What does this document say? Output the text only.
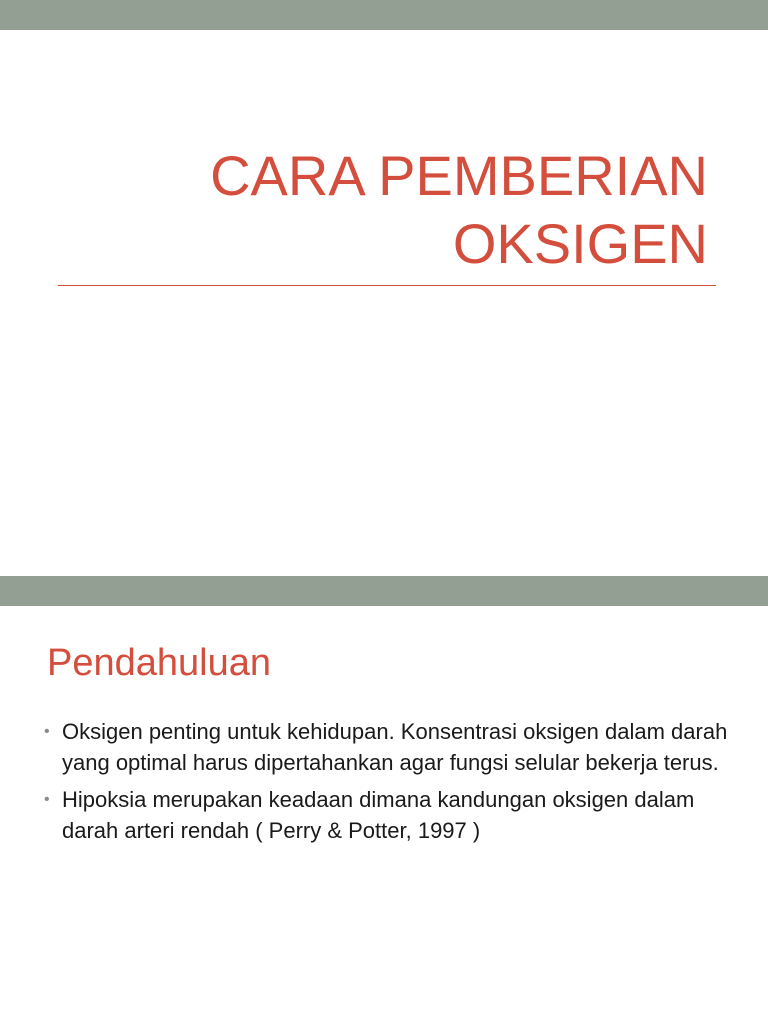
CARA PEMBERIAN
OKSIGEN
Pendahuluan
• Oksigen penting untuk kehidupan. Konsentrasi oksigen dalam darah yang optimal harus dipertahankan agar fungsi selular bekerja terus.
• Hipoksia merupakan keadaan dimana kandungan oksigen dalam darah arteri rendah ( Perry & Potter, 1997 )
